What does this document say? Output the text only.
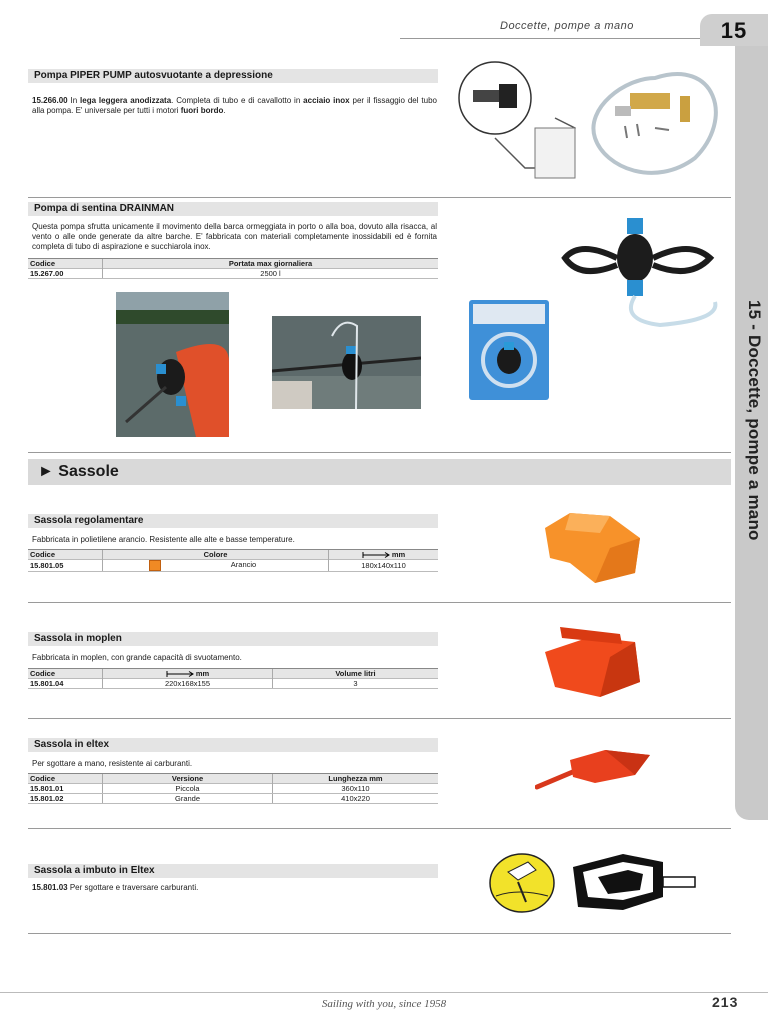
Doccette, pompe a mano	15
15 - Doccette, pompe a mano
Pompa PIPER PUMP autosvuotante a depressione
15.266.00 In lega leggera anodizzata. Completa di tubo e di cavallotto in acciaio inox per il fissaggio del tubo alla pompa. E' universale per tutti i motori fuori bordo.
Pompa di sentina DRAINMAN
Questa pompa sfrutta unicamente il movimento della barca ormeggiata in porto o alla boa, dovuto alla risacca, al vento o alle onde generate da altre barche. E' fabbricata con materiali completamente inossidabili ed è fornita completa di tubo di aspirazione e succhiarola inox.
Codice	Portata max giornaliera
15.267.00	2500 l
► Sassole
Sassola regolamentare
Fabbricata in polietilene arancio. Resistente alle alte e basse temperature.
Codice	Colore	mm
15.801.05	Arancio	180x140x110
Sassola in moplen
Fabbricata in moplen, con grande capacità di svuotamento.
Codice	mm	Volume litri
15.801.04	220x168x155	3
Sassola in eltex
Per sgottare a mano, resistente ai carburanti.
Codice	Versione	Lunghezza mm
15.801.01	Piccola	360x110
15.801.02	Grande	410x220
Sassola a imbuto in Eltex
15.801.03 Per sgottare e traversare carburanti.
Sailing with you, since 1958	213
